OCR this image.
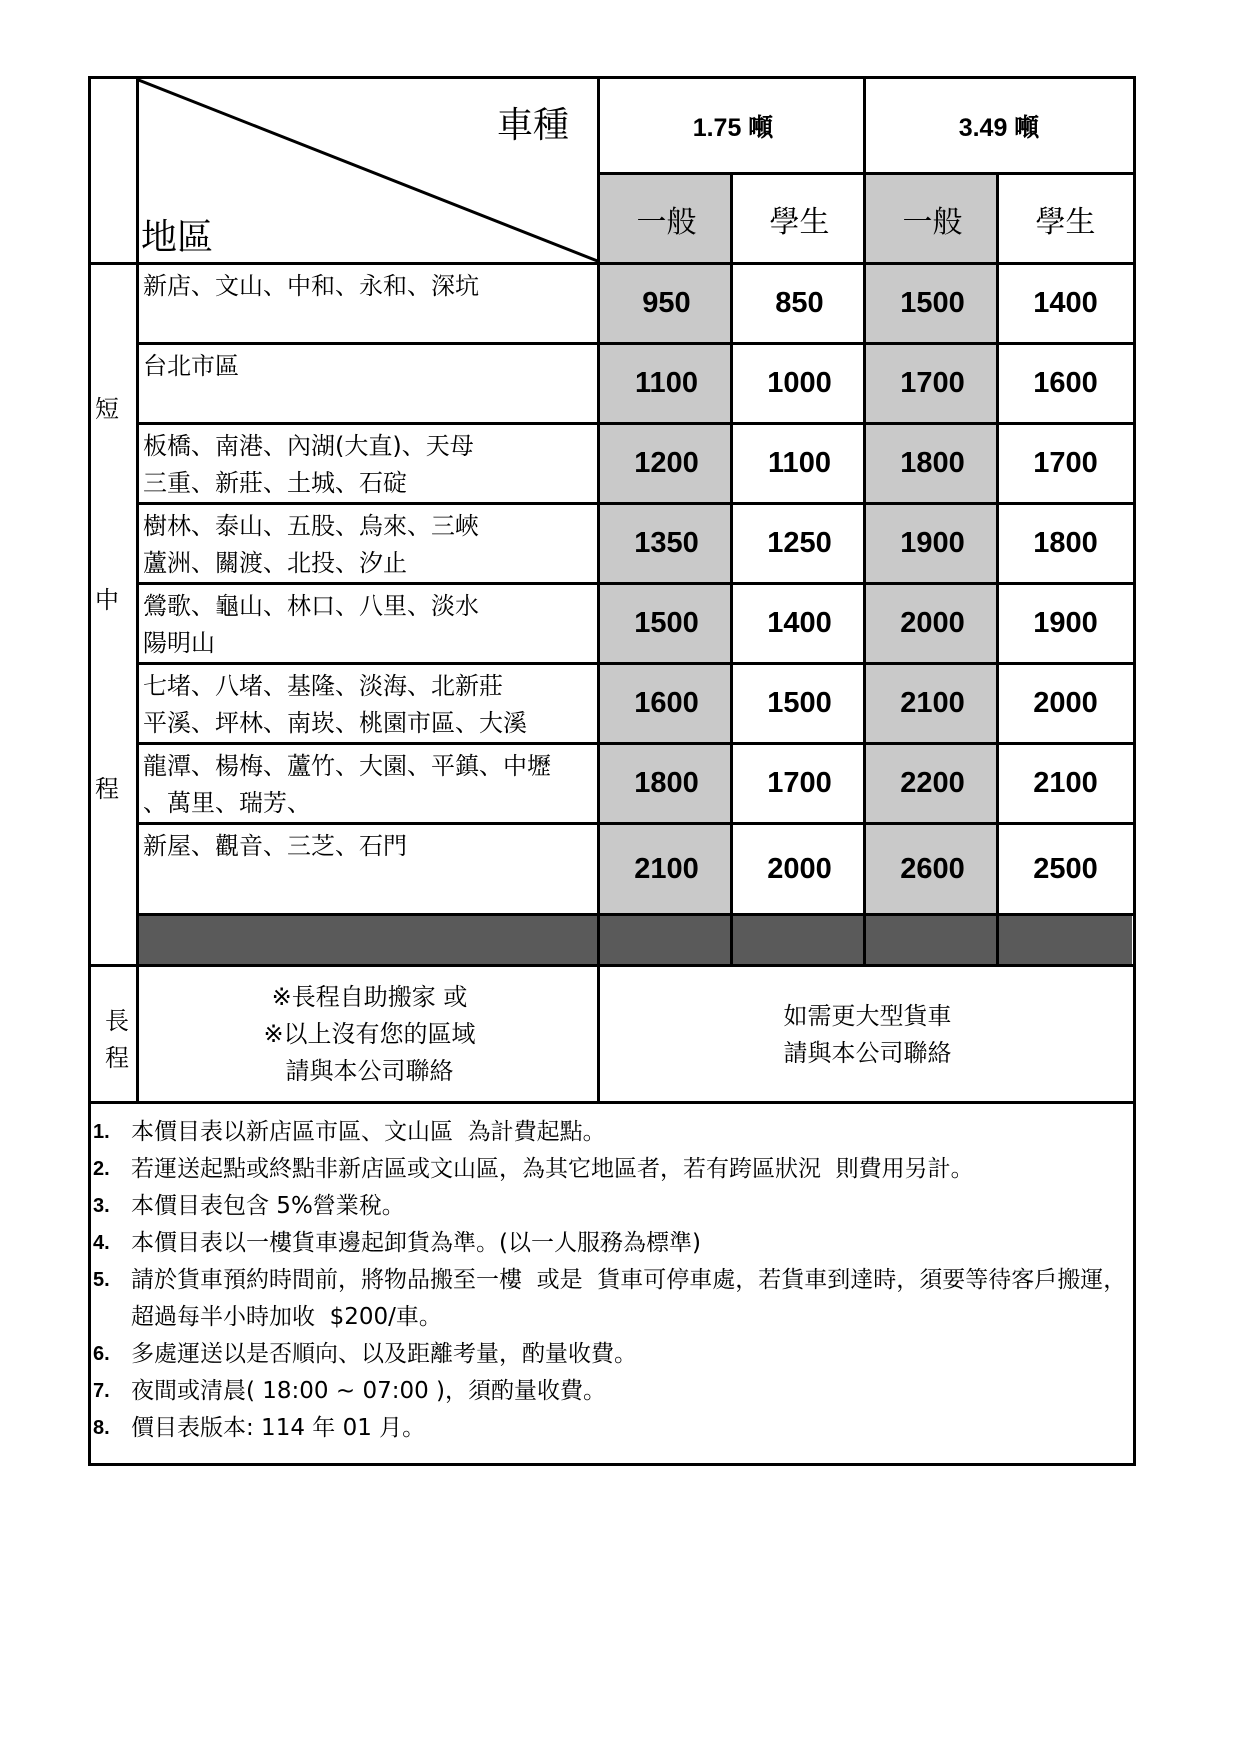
車種
地區
1.75 噸	3.49 噸
一般	學生	一般	學生
短
中
程
長
程
新店、文山、中和、永和、深坑
950	850	1500	1400
台北市區
1100	1000	1700	1600
板橋、南港、內湖(大直)、天母
三重、新莊、土城、石碇
1200	1100	1800	1700
樹林、泰山、五股、烏來、三峽
蘆洲、關渡、北投、汐止
1350	1250	1900	1800
鶯歌、龜山、林口、八里、淡水
陽明山
1500	1400	2000	1900
七堵、八堵、基隆、淡海、北新莊
平溪、坪林、南崁、桃園市區、大溪
1600	1500	2100	2000
龍潭、楊梅、蘆竹、大園、平鎮、中壢
、萬里、瑞芳、
1800	1700	2200	2100
新屋、觀音、三芝、石門
2100	2000	2600	2500
※長程自助搬家 或
※以上沒有您的區域
請與本公司聯絡
如需更大型貨車
請與本公司聯絡
1. 本價目表以新店區市區、文山區  為計費起點。
2. 若運送起點或終點非新店區或文山區，為其它地區者，若有跨區狀況  則費用另計。
3. 本價目表包含 5%營業稅。
4. 本價目表以一樓貨車邊起卸貨為準。(以一人服務為標準)
5. 請於貨車預約時間前，將物品搬至一樓  或是  貨車可停車處，若貨車到達時，須要等待客戶搬運，超過每半小時加收  $200/車。
6. 多處運送以是否順向、以及距離考量，酌量收費。
7. 夜間或清晨( 18:00 ~ 07:00 )，須酌量收費。
8. 價目表版本: 114 年 01 月。
